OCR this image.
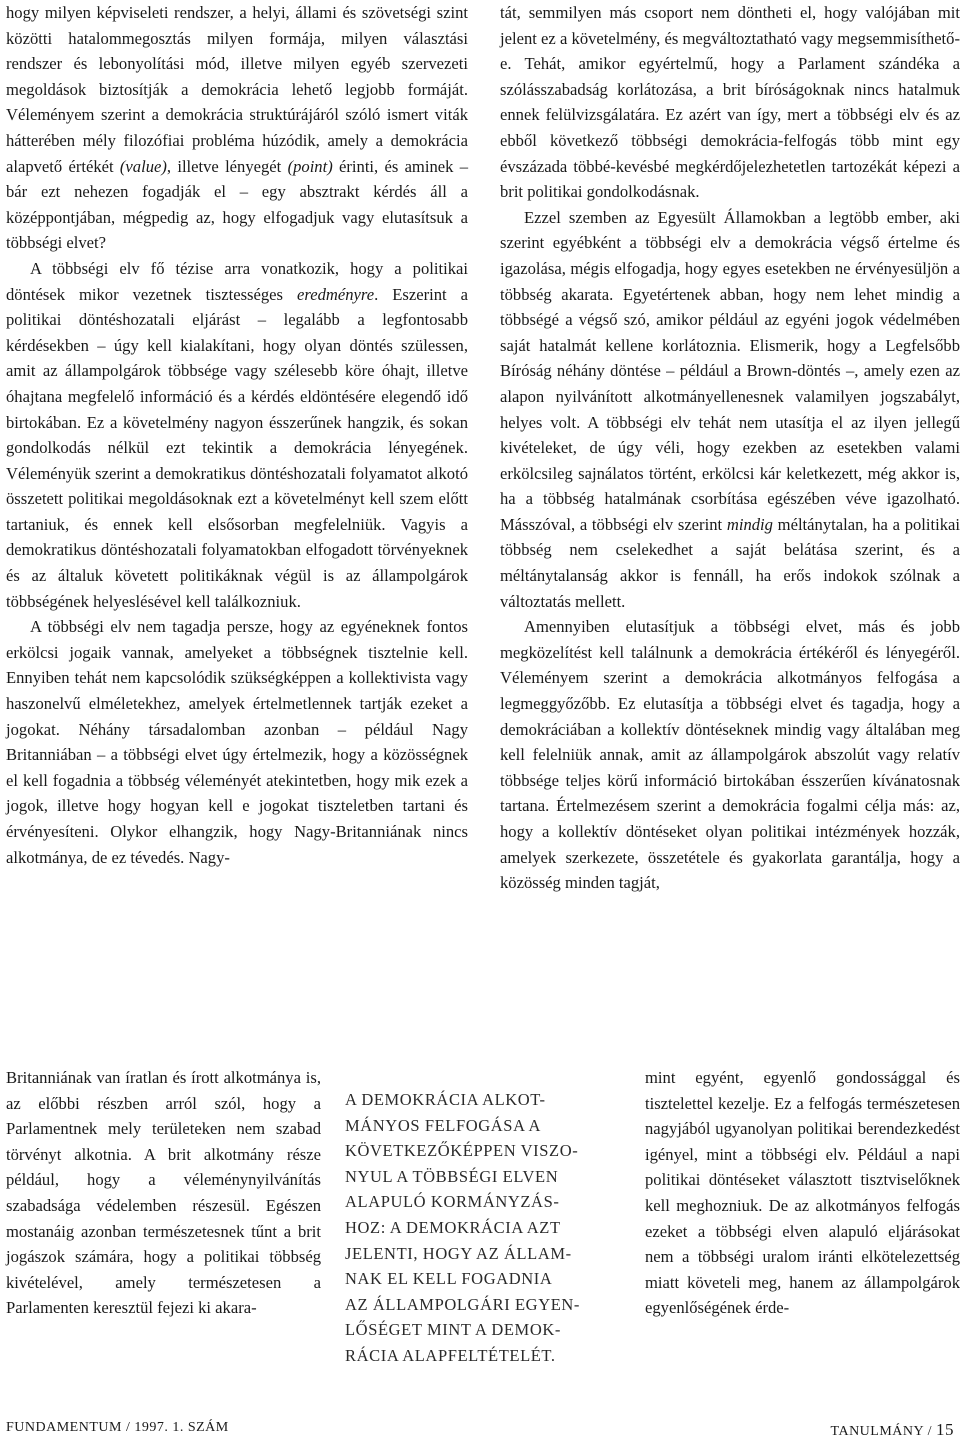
hogy milyen képviseleti rendszer, a helyi, állami és szövetségi szint közötti hatalommegosztás milyen formája, milyen választási rendszer és lebonyolítási mód, illetve milyen egyéb szervezeti megoldások biztosítják a demokrácia lehető legjobb formáját. Véleményem szerint a demokrácia struktúrájáról szóló ismert viták hátterében mély filozófiai probléma húzódik, amely a demokrácia alapvető értékét (value), illetve lényegét (point) érinti, és aminek – bár ezt nehezen fogadják el – egy absztrakt kérdés áll a középpontjában, mégpedig az, hogy elfogadjuk vagy elutasítsuk a többségi elvet?

A többségi elv fő tézise arra vonatkozik, hogy a politikai döntések mikor vezetnek tisztességes eredményre. Eszerint a politikai döntéshozatali eljárást – legalább a legfontosabb kérdésekben – úgy kell kialakítani, hogy olyan döntés szülessen, amit az állampolgárok többsége vagy szélesebb köre óhajt, illetve óhajtana megfelelő információ és a kérdés eldöntésére elegendő idő birtokában. Ez a követelmény nagyon ésszerűnek hangzik, és sokan gondolkodás nélkül ezt tekintik a demokrácia lényegének. Véleményük szerint a demokratikus döntéshozatali folyamatot alkotó összetett politikai megoldásoknak ezt a követelményt kell szem előtt tartaniuk, és ennek kell elsősorban megfelelniük. Vagyis a demokratikus döntéshozatali folyamatokban elfogadott törvényeknek és az általuk követett politikáknak végül is az állampolgárok többségének helyeslésével kell találkozniuk.

A többségi elv nem tagadja persze, hogy az egyéneknek fontos erkölcsi jogaik vannak, amelyeket a többségnek tisztelnie kell. Ennyiben tehát nem kapcsolódik szükségképpen a kollektivista vagy haszonelvű elméletekhez, amelyek értelmetlennek tartják ezeket a jogokat. Néhány társadalomban azonban – például Nagy Britanniában – a többségi elvet úgy értelmezik, hogy a közösségnek el kell fogadnia a többség véleményét atekintetben, hogy mik ezek a jogok, illetve hogy hogyan kell e jogokat tiszteletben tartani és érvényesíteni. Olykor elhangzik, hogy Nagy-Britanniának nincs alkotmánya, de ez tévedés. Nagy-

Britanniának van íratlan és írott alkotmánya is, az előbbi részben arról szól, hogy a Parlamentnek mely területeken nem szabad törvényt alkotnia. A brit alkotmány része például, hogy a véleménynyilvánítás szabadsága védelemben részesül. Egészen mostanáig azonban természetesnek tűnt a brit jogászok számára, hogy a politikai többség kivételével, amely természetesen a Parlamenten keresztül fejezi ki akara-

A DEMOKRÁCIA ALKOT-
MÁNYOS FELFOGÁSA A
KÖVETKEZŐKÉPPEN VISZO-
NYUL A TÖBBSÉGI ELVEN
ALAPULÓ KORMÁNYZÁS-
HOZ: A DEMOKRÁCIA AZT
JELENTI, HOGY AZ ÁLLAM-
NAK EL KELL FOGADNIA
AZ ÁLLAMPOLGÁRI EGYEN-
LŐSÉGET MINT A DEMOK-
RÁCIA ALAPFELTÉTELÉT.

tát, semmilyen más csoport nem döntheti el, hogy valójában mit jelent ez a követelmény, és megváltoztatható vagy megsemmisíthető-e. Tehát, amikor egyértelmű, hogy a Parlament szándéka a szólásszabadság korlátozása, a brit bíróságoknak nincs hatalmuk ennek felülvizsgálatára. Ez azért van így, mert a többségi elv és az ebből következő többségi demokrácia-felfogás több mint egy évszázada többé-kevésbé megkérdőjelezhetetlen tartozékát képezi a brit politikai gondolkodásnak.

Ezzel szemben az Egyesült Államokban a legtöbb ember, aki szerint egyébként a többségi elv a demokrácia végső értelme és igazolása, mégis elfogadja, hogy egyes esetekben ne érvényesüljön a többség akarata. Egyetértenek abban, hogy nem lehet mindig a többségé a végső szó, amikor például az egyéni jogok védelmében saját hatalmát kellene korlátoznia. Elismerik, hogy a Legfelsőbb Bíróság néhány döntése – például a Brown-döntés –, amely ezen az alapon nyilvánított alkotmányellenesnek valamilyen jogszabályt, helyes volt. A többségi elv tehát nem utasítja el az ilyen jellegű kivételeket, de úgy véli, hogy ezekben az esetekben valami erkölcsileg sajnálatos történt, erkölcsi kár keletkezett, még akkor is, ha a többség hatalmának csorbítása egészében véve igazolható. Másszóval, a többségi elv szerint mindig méltánytalan, ha a politikai többség nem cselekedhet a saját belátása szerint, és a méltánytalanság akkor is fennáll, ha erős indokok szólnak a változtatás mellett.

Amennyiben elutasítjuk a többségi elvet, más és jobb megközelítést kell találnunk a demokrácia értékéről és lényegéről. Véleményem szerint a demokrácia alkotmányos felfogása a legmeggyőzőbb. Ez elutasítja a többségi elvet és tagadja, hogy a demokráciában a kollektív döntéseknek mindig vagy általában meg kell felelniük annak, amit az állampolgárok abszolút vagy relatív többsége teljes körű információ birtokában ésszerűen kívánatosnak tartana. Értelmezésem szerint a demokrácia fogalmi célja más: az, hogy a kollektív döntéseket olyan politikai intézmények hozzák, amelyek szerkezete, összetétele és gyakorlata garantálja, hogy a közösség minden tagját,

mint egyént, egyenlő gondossággal és tisztelettel kezelje. Ez a felfogás természetesen nagyjából ugyanolyan politikai berendezkedést igényel, mint a többségi elv. Például a napi politikai döntéseket választott tisztviselőknek kell meghozniuk. De az alkotmányos felfogás ezeket a többségi elven alapuló eljárásokat nem a többségi uralom iránti elkötelezettség miatt követeli meg, hanem az állampolgárok egyenlőségének érde-

FUNDAMENTUM / 1997. 1. SZÁM	TANULMÁNY / 15
